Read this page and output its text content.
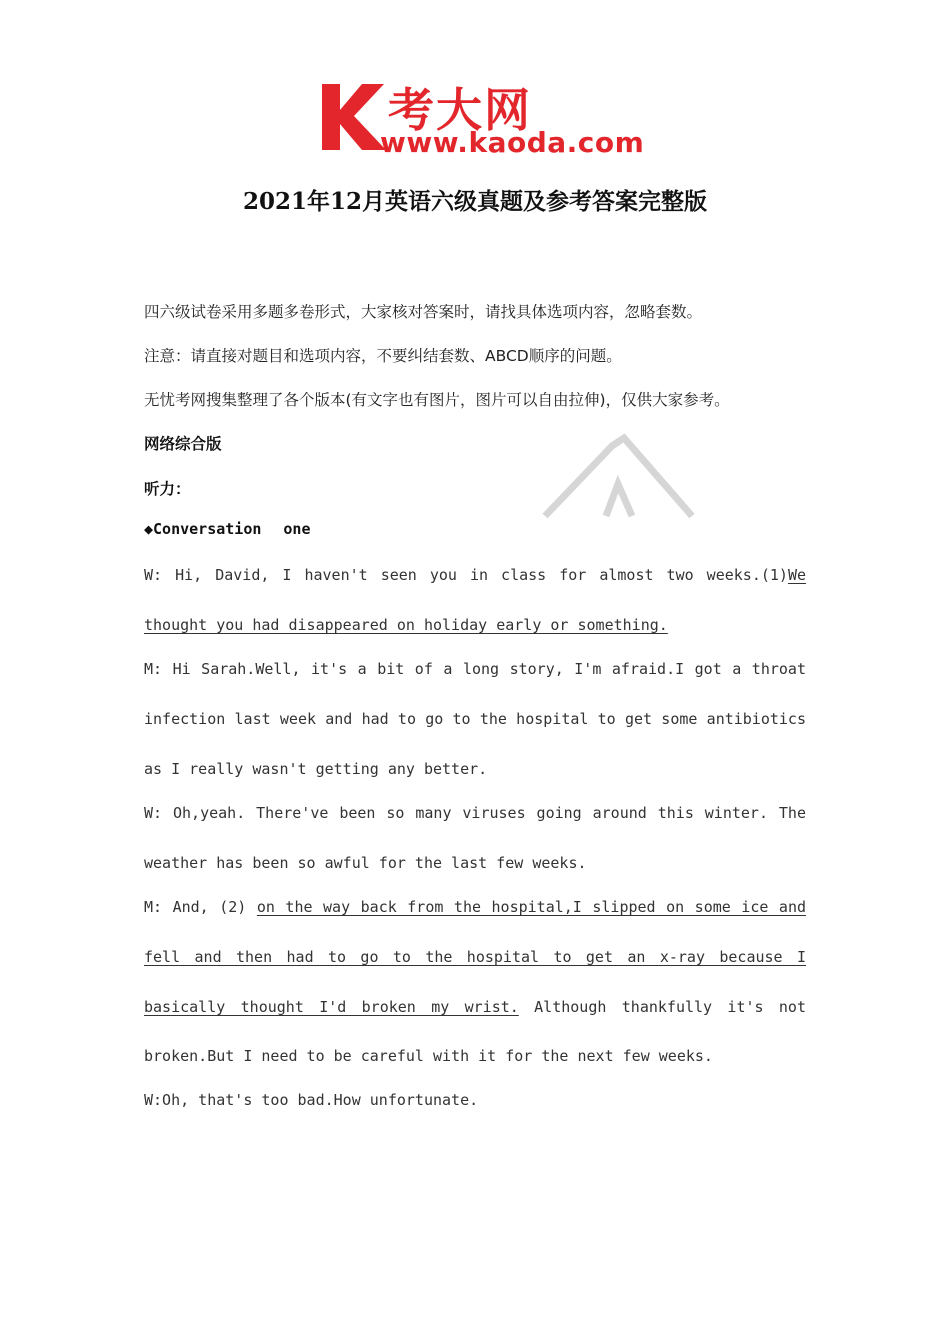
考大网
www.kaoda.com
2021年12月英语六级真题及参考答案完整版
四六级试卷采用多题多卷形式，大家核对答案时，请找具体选项内容，忽略套数。
注意：请直接对题目和选项内容，不要纠结套数、ABCD顺序的问题。
无忧考网搜集整理了各个版本(有文字也有图片，图片可以自由拉伸)，仅供大家参考。
网络综合版
听力：
◆Conversation one
W: Hi, David, I haven't seen you in class for almost two weeks.(1)We
thought you had disappeared on holiday early or something.
M: Hi Sarah.Well, it's a bit of a long story, I'm afraid.I got a throat
infection last week and had to go to the hospital to get some antibiotics
as I really wasn't getting any better.
W: Oh,yeah. There've been so many viruses going around this winter. The
weather has been so awful for the last few weeks.
M: And, (2) on the way back from the hospital,I slipped on some ice and
fell and then had to go to the hospital to get an x-ray because I
basically thought I'd broken my wrist. Although thankfully it's not
broken.But I need to be careful with it for the next few weeks.
W:Oh, that's too bad.How unfortunate.
